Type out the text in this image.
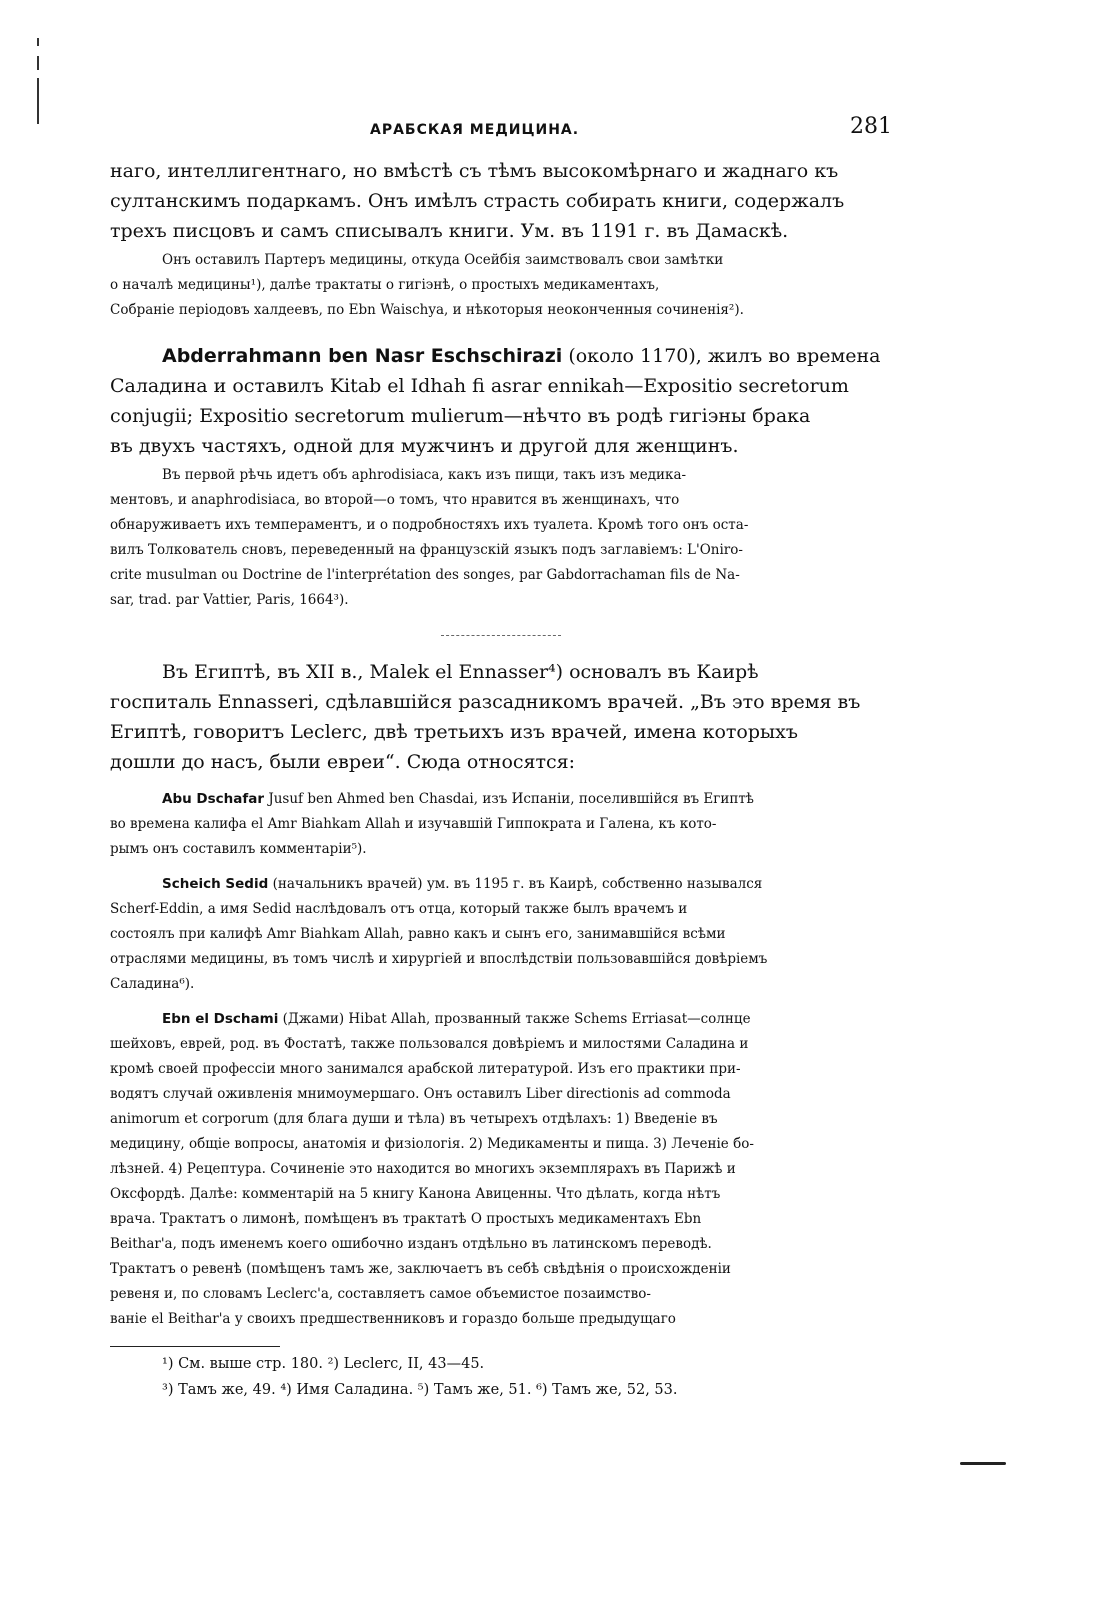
АРАБСКАЯ МЕДИЦИНА.	281

наго, интеллигентнаго, но вмѣстѣ съ тѣмъ высокомѣрнаго и жаднаго къ

султанскимъ подаркамъ. Онъ имѣлъ страсть собирать книги, содержалъ

трехъ писцовъ и самъ списывалъ книги. Ум. въ 1191 г. въ Дамаскѣ.

Онъ оставилъ Партеръ медицины, откуда Осейбія заимствовалъ свои замѣтки

о началѣ медицины¹), далѣе трактаты о гигіэнѣ, о простыхъ медикаментахъ,

Собраніе періодовъ халдеевъ, по Ebn Waischya, и нѣкоторыя неоконченныя сочиненія²).

Abderrahmann ben Nasr Eschschirazi (около 1170), жилъ во времена

Саладина и оставилъ Kitab el Idhah fi asrar ennikah—Expositio secretorum

conjugii; Expositio secretorum mulierum—нѣчто въ родѣ гигіэны брака

въ двухъ частяхъ, одной для мужчинъ и другой для женщинъ.

Въ первой рѣчь идетъ объ aphrodisiaca, какъ изъ пищи, такъ изъ медика-

ментовъ, и anaphrodisiaca, во второй—о томъ, что нравится въ женщинахъ, что

обнаруживаетъ ихъ темпераментъ, и о подробностяхъ ихъ туалета. Кромѣ того онъ оста-

вилъ Толкователь сновъ, переведенный на французскій языкъ подъ заглавіемъ: L'Oniro-

crite musulman ou Doctrine de l'interprétation des songes, par Gabdorrachaman fils de Na-

sar, trad. par Vattier, Paris, 1664³).

Въ Египтѣ, въ XII в., Malek el Ennasser⁴) основалъ въ Каирѣ

госпиталь Ennasseri, сдѣлавшійся разсадникомъ врачей. „Въ это время въ

Египтѣ, говоритъ Leclerc, двѣ третьихъ изъ врачей, имена которыхъ

дошли до насъ, были евреи“. Сюда относятся:

Abu Dschafar Jusuf ben Ahmed ben Chasdai, изъ Испаніи, поселившійся въ Египтѣ

во времена калифа el Amr Biahkam Allah и изучавшій Гиппократа и Галена, къ кото-

рымъ онъ составилъ комментаріи⁵).

Scheich Sedid (начальникъ врачей) ум. въ 1195 г. въ Каирѣ, собственно назывался

Scherf-Eddin, а имя Sedid наслѣдовалъ отъ отца, который также былъ врачемъ и

состоялъ при калифѣ Amr Biahkam Allah, равно какъ и сынъ его, занимавшійся всѣми

отраслями медицины, въ томъ числѣ и хирургіей и впослѣдствіи пользовавшійся довѣріемъ

Саладина⁶).

Ebn el Dschami (Джами) Hibat Allah, прозванный также Schems Erriasat—солнце

шейховъ, еврей, род. въ Фостатѣ, также пользовался довѣріемъ и милостями Саладина и

кромѣ своей профессіи много занимался арабской литературой. Изъ его практики при-

водятъ случай оживленія мнимоумершаго. Онъ оставилъ Liber directionis ad commoda

animorum et corporum (для блага души и тѣла) въ четырехъ отдѣлахъ: 1) Введеніе въ

медицину, общіе вопросы, анатомія и физіологія. 2) Медикаменты и пища. 3) Леченіе бо-

лѣзней. 4) Рецептура. Сочиненіе это находится во многихъ экземплярахъ въ Парижѣ и

Оксфордѣ. Далѣе: комментарій на 5 книгу Канона Авиценны. Что дѣлать, когда нѣтъ

врача. Трактатъ о лимонѣ, помѣщенъ въ трактатѣ О простыхъ медикаментахъ Ebn

Beithar'a, подъ именемъ коего ошибочно изданъ отдѣльно въ латинскомъ переводѣ.

Трактатъ о ревенѣ (помѣщенъ тамъ же, заключаетъ въ себѣ свѣдѣнія о происхожденіи

ревеня и, по словамъ Leclerc'a, составляетъ самое объемистое позаимство-

ваніе el Beithar'a у своихъ предшественниковъ и гораздо больше предыдущаго

¹) См. выше стр. 180. ²) Leclerc, II, 43—45.

³) Тамъ же, 49. ⁴) Имя Саладина. ⁵) Тамъ же, 51. ⁶) Тамъ же, 52, 53.
